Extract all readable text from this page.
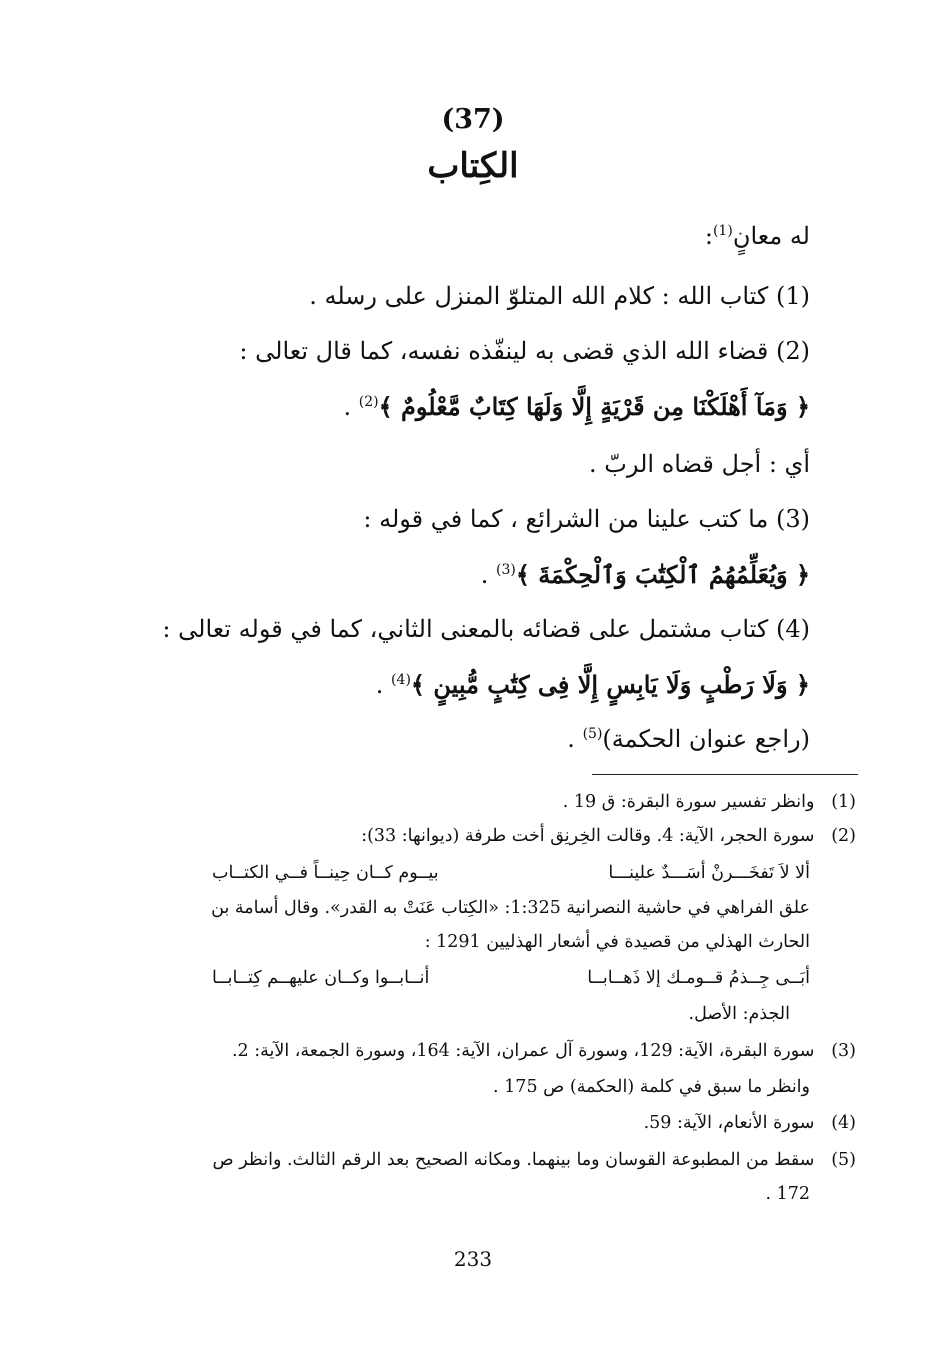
(37)
الكِتاب
له معانٍ$^{(1)}$:
(1) كتاب الله : كلام الله المتلوّ المنزل على رسله .
(2) قضاء الله الذي قضى به لينفّذه نفسه، كما قال تعالى :
﴿ وَمَآ أَهْلَكْنَا مِن قَرْيَةٍ إِلَّا وَلَهَا كِتَابٌ مَّعْلُومٌ ﴾$^{(2)}$ .
أي : أجل قضاه الربّ .
(3) ما كتب علينا من الشرائع ، كما في قوله :
﴿ وَيُعَلِّمُهُمُ ٱلْكِتَٰبَ وَٱلْحِكْمَةَ ﴾$^{(3)}$ .
(4) كتاب مشتمل على قضائه بالمعنى الثاني، كما في قوله تعالى :
﴿ وَلَا رَطْبٍ وَلَا يَابِسٍ إِلَّا فِى كِتَٰبٍ مُّبِينٍ ﴾$^{(4)}$ .
(راجع عنوان الحكمة)$^{(5)}$ .
(1) وانظر تفسير سورة البقرة: ق 19 .
(2) سورة الحجر، الآية: 4. وقالت الخِرنِق أخت طرفة (ديوانها: 33):
ألا لاَ تَفخَـــرنْ أسَـــدٌ علينـــا
بيــوم كــان حِينــاً فــي الكتــاب
علق الفراهي في حاشية النصرانية 1:325: «الكِتاب عَنَتْ به القدر». وقال أسامة بن
الحارث الهذلي من قصيدة في أشعار الهذليين 1291 :
أبَــى جِــذمُ قــومـك إلا ذَهــابــا
أنــابــوا وكــان عليهــم كِتــابــا
الجذم: الأصل.
(3) سورة البقرة، الآية: 129، وسورة آل عمران، الآية: 164، وسورة الجمعة، الآية: 2.
وانظر ما سبق في كلمة (الحكمة) ص 175 .
(4) سورة الأنعام، الآية: 59.
(5) سقط من المطبوعة القوسان وما بينهما. ومكانه الصحيح بعد الرقم الثالث. وانظر ص
172 .
233
